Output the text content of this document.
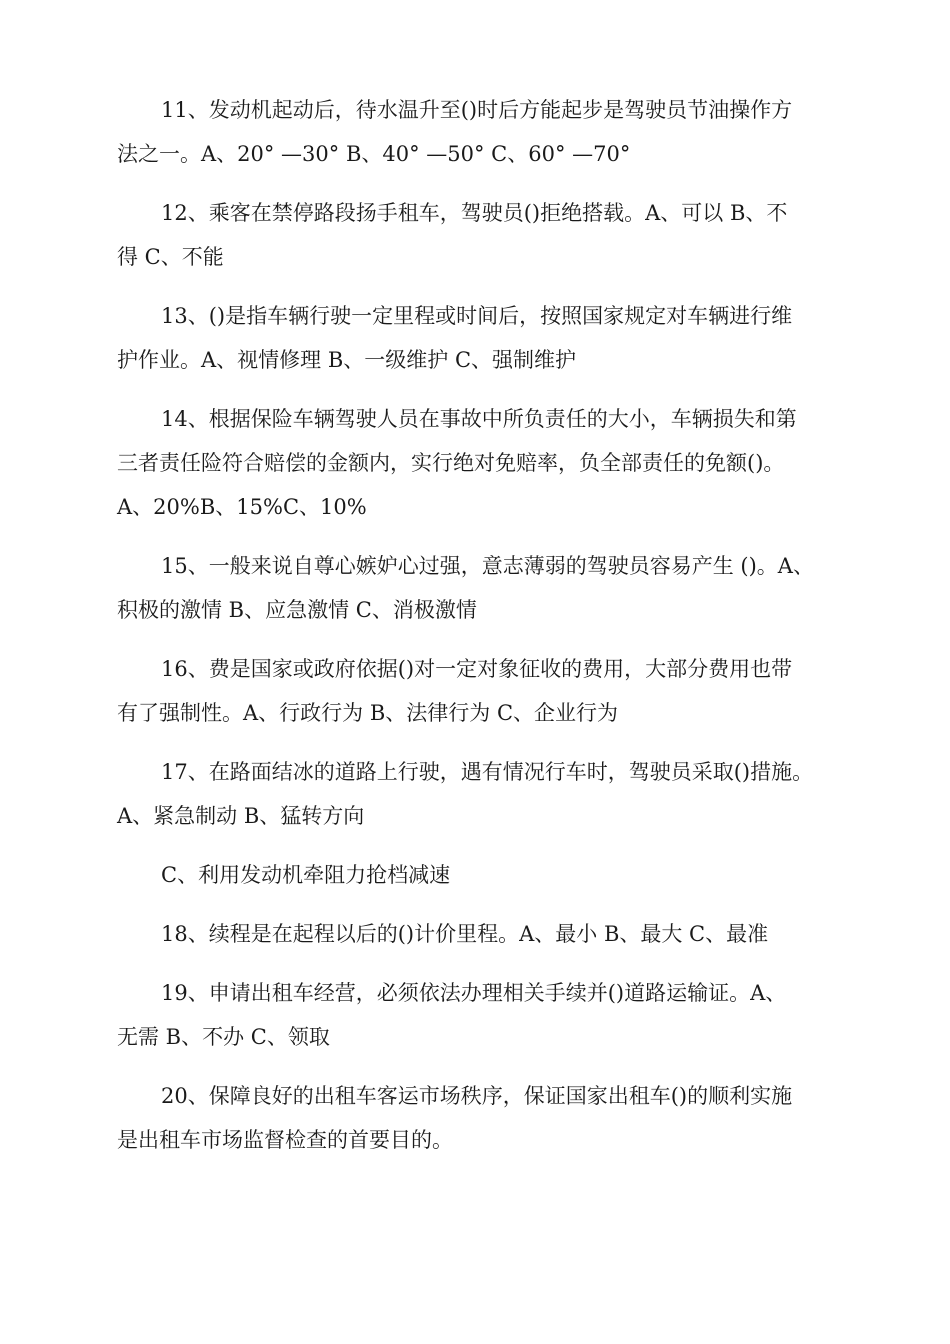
11、发动机起动后，待水温升至()时后方能起步是驾驶员节油操作方
法之一。A、20° —30° B、40° —50° C、60° —70°
12、乘客在禁停路段扬手租车，驾驶员()拒绝搭载。A、可以 B、不
得 C、不能
13、()是指车辆行驶一定里程或时间后，按照国家规定对车辆进行维
护作业。A、视情修理 B、一级维护 C、强制维护
14、根据保险车辆驾驶人员在事故中所负责任的大小，车辆损失和第
三者责任险符合赔偿的金额内，实行绝对免赔率，负全部责任的免额()。
A、20%B、15%C、10%
15、一般来说自尊心嫉妒心过强，意志薄弱的驾驶员容易产生 ()。A、
积极的激情 B、应急激情 C、消极激情
16、费是国家或政府依据()对一定对象征收的费用，大部分费用也带
有了强制性。A、行政行为 B、法律行为 C、企业行为
17、在路面结冰的道路上行驶，遇有情况行车时，驾驶员采取()措施。
A、紧急制动 B、猛转方向
C、利用发动机牵阻力抢档减速
18、续程是在起程以后的()计价里程。A、最小 B、最大 C、最准
19、申请出租车经营，必须依法办理相关手续并()道路运输证。A、
无需 B、不办 C、领取
20、保障良好的出租车客运市场秩序，保证国家出租车()的顺利实施
是出租车市场监督检查的首要目的。
